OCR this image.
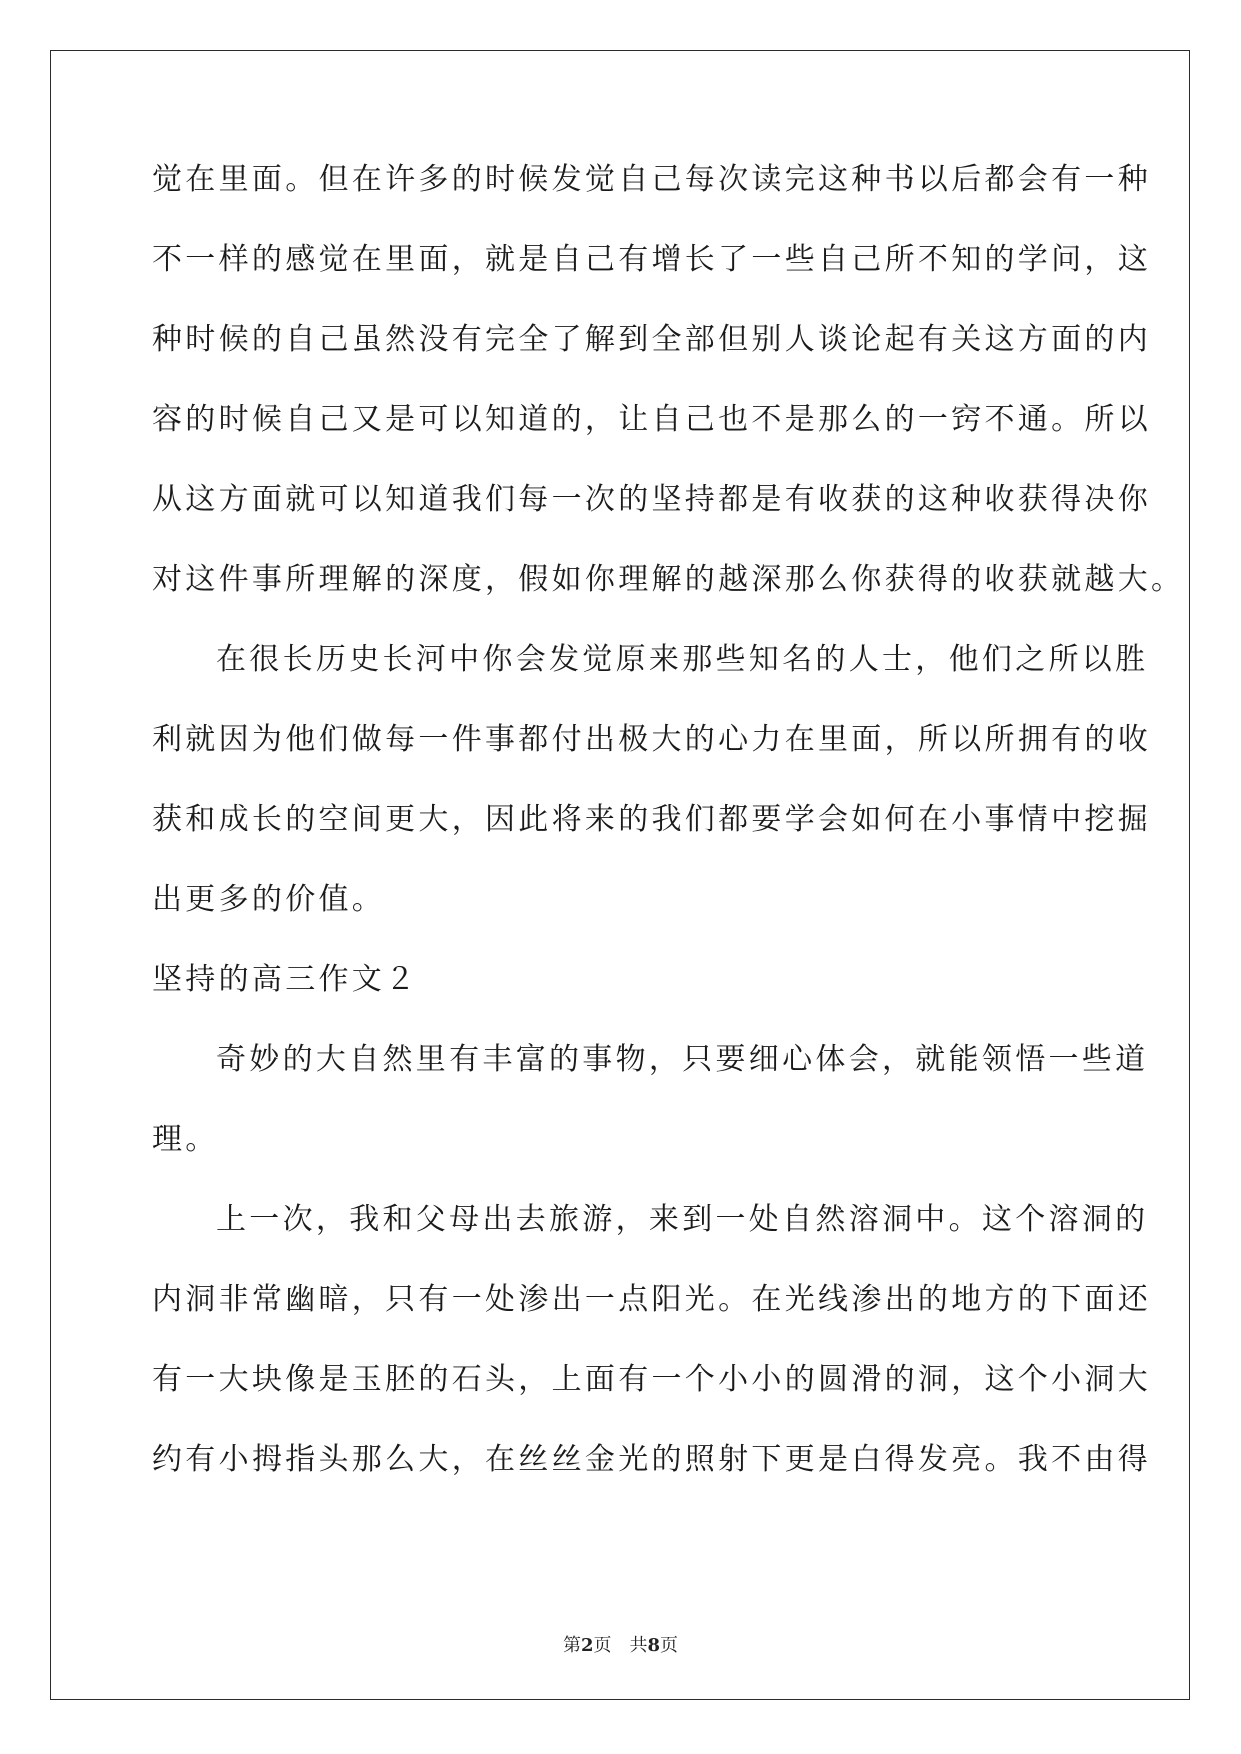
觉在里面。但在许多的时候发觉自己每次读完这种书以后都会有一种
不一样的感觉在里面，就是自己有增长了一些自己所不知的学问，这
种时候的自己虽然没有完全了解到全部但别人谈论起有关这方面的内
容的时候自己又是可以知道的，让自己也不是那么的一窍不通。所以
从这方面就可以知道我们每一次的坚持都是有收获的这种收获得决你
对这件事所理解的深度，假如你理解的越深那么你获得的收获就越大。
在很长历史长河中你会发觉原来那些知名的人士，他们之所以胜
利就因为他们做每一件事都付出极大的心力在里面，所以所拥有的收
获和成长的空间更大，因此将来的我们都要学会如何在小事情中挖掘
出更多的价值。
坚持的高三作文２
奇妙的大自然里有丰富的事物，只要细心体会，就能领悟一些道
理。
上一次，我和父母出去旅游，来到一处自然溶洞中。这个溶洞的
内洞非常幽暗，只有一处渗出一点阳光。在光线渗出的地方的下面还
有一大块像是玉胚的石头，上面有一个小小的圆滑的洞，这个小洞大
约有小拇指头那么大，在丝丝金光的照射下更是白得发亮。我不由得
第2页 共8页
